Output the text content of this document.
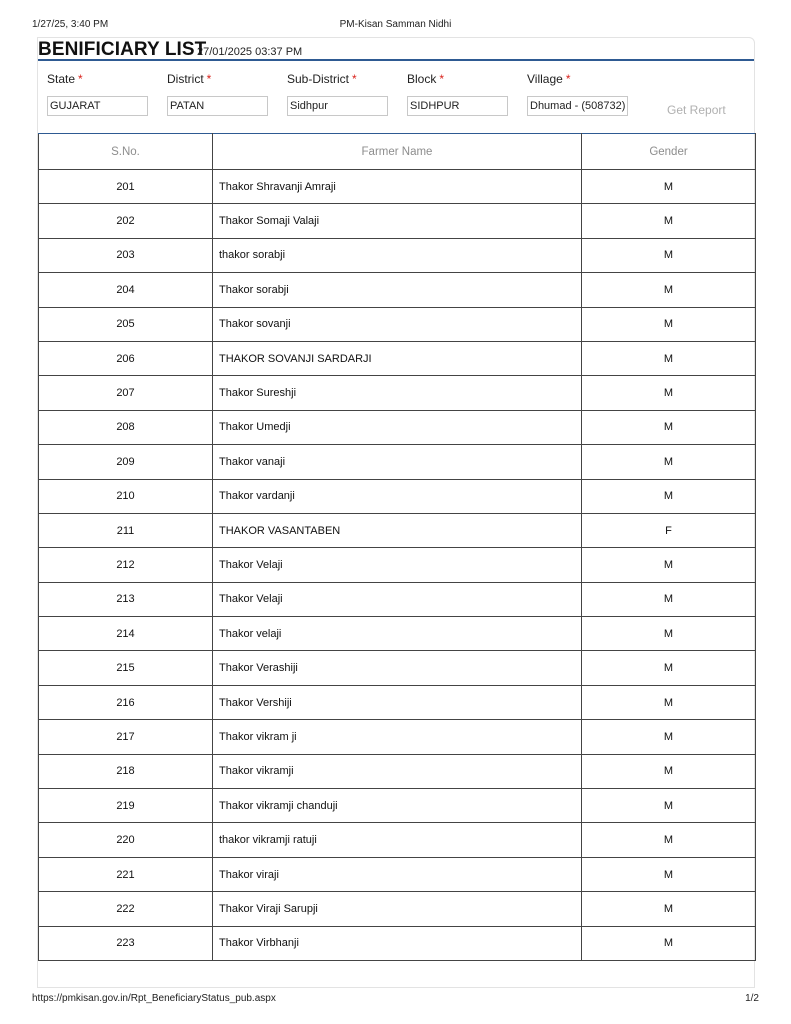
1/27/25, 3:40 PM	PM-Kisan Samman Nidhi
BENIFICIARY LIST
27/01/2025 03:37 PM
State *
GUJARAT
District *
PATAN
Sub-District *
Sidhpur
Block *
SIDHPUR
Village *
Dhumad - (508732)	Get Report
S.No.	Farmer Name	Gender
201	Thakor Shravanji Amraji	M
202	Thakor Somaji Valaji	M
203	thakor sorabji	M
204	Thakor sorabji	M
205	Thakor sovanji	M
206	THAKOR SOVANJI SARDARJI	M
207	Thakor Sureshji	M
208	Thakor Umedji	M
209	Thakor vanaji	M
210	Thakor vardanji	M
211	THAKOR VASANTABEN	F
212	Thakor Velaji	M
213	Thakor Velaji	M
214	Thakor velaji	M
215	Thakor Verashiji	M
216	Thakor Vershiji	M
217	Thakor vikram ji	M
218	Thakor vikramji	M
219	Thakor vikramji chanduji	M
220	thakor vikramji ratuji	M
221	Thakor viraji	M
222	Thakor Viraji Sarupji	M
223	Thakor Virbhanji	M
https://pmkisan.gov.in/Rpt_BeneficiaryStatus_pub.aspx	1/2
